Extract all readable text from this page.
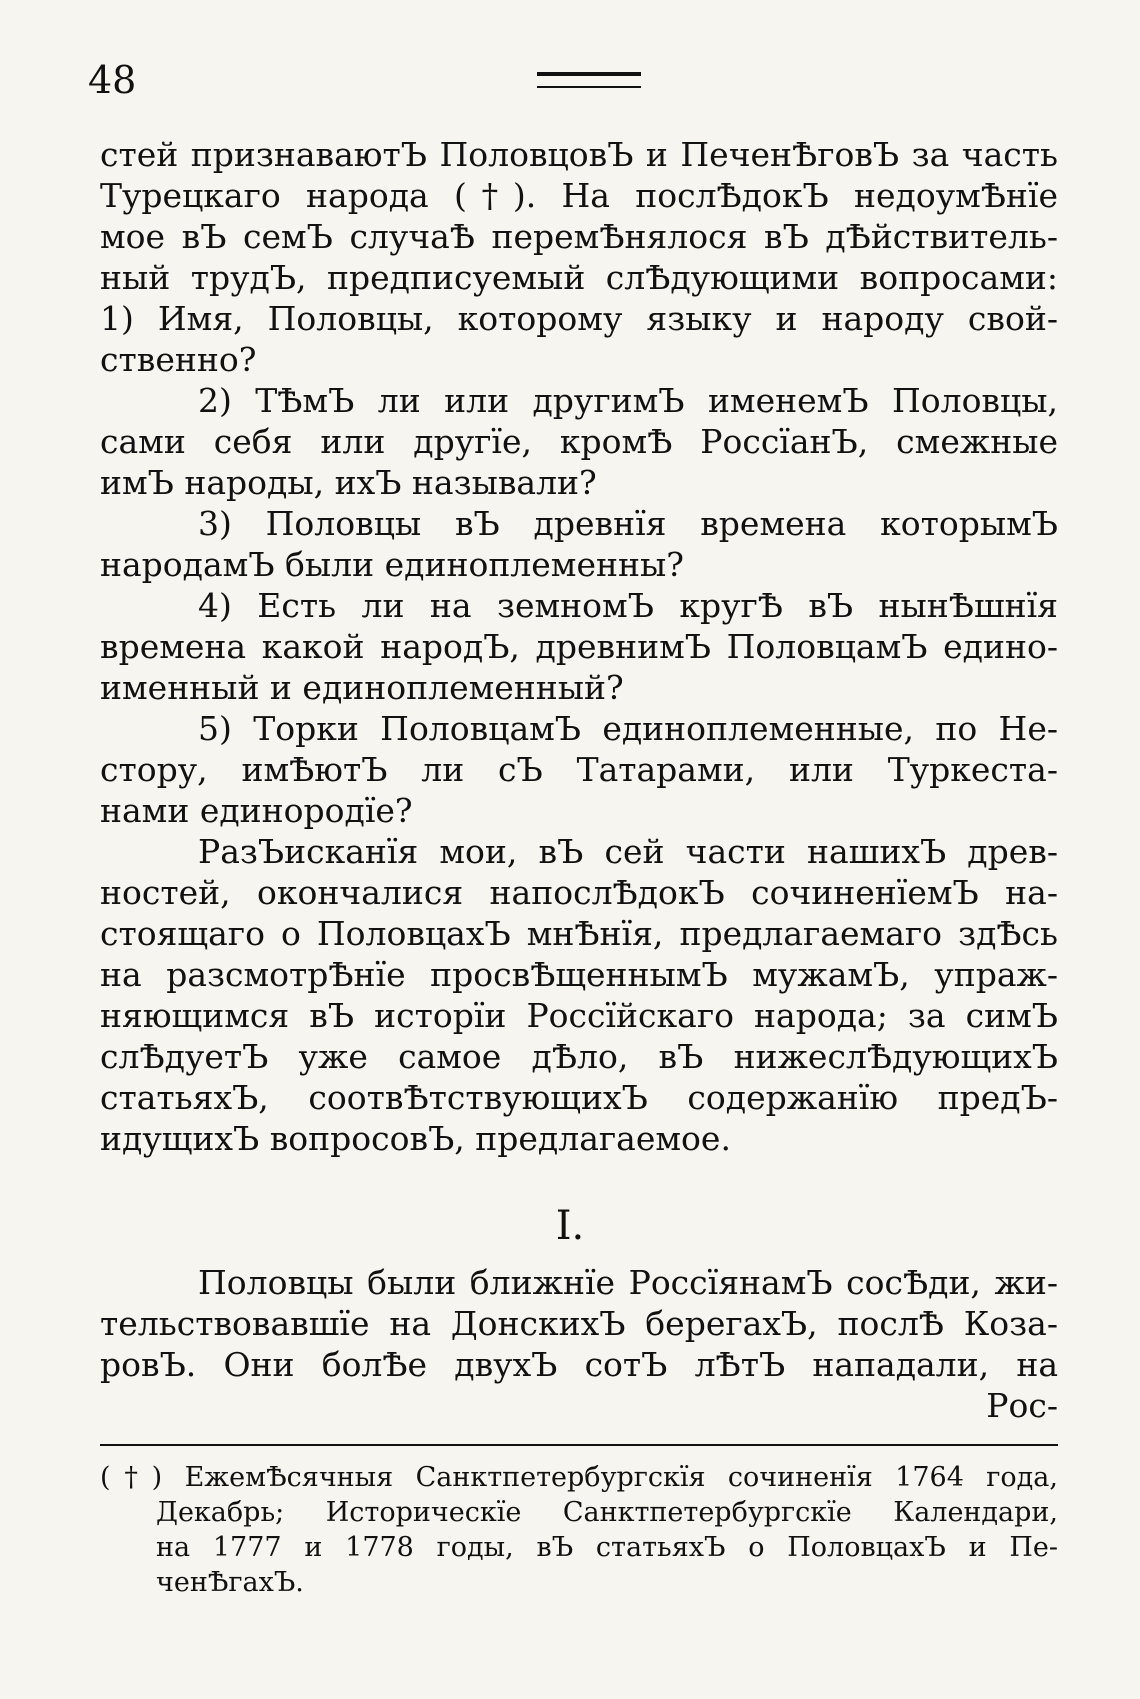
48
стей признаваютЪ ПоловцовЪ и ПеченѢговЪ за часть
Турецкаго народа (†). На послѢдокЪ недоумѢнїе
мое вЪ семЪ случаѢ перемѢнялося вЪ дѢйствитель-
ный трудЪ, предписуемый слѢдующими вопросами:
1) Имя, Половцы, которому языку и народу свой-
ственно?
2) ТѢмЪ ли или другимЪ именемЪ Половцы,
сами себя или другїе, кромѢ РоссїанЪ, смежные
имЪ народы, ихЪ называли?
3) Половцы вЪ древнїя времена которымЪ
народамЪ были единоплеменны?
4) Есть ли на земномЪ кругѢ вЪ нынѢшнїя
времена какой народЪ, древнимЪ ПоловцамЪ едино-
именный и единоплеменный?
5) Торки ПоловцамЪ единоплеменные, по Не-
стору, имѢютЪ ли сЪ Татарами, или Туркеста-
нами единородїе?
РазЪисканїя мои, вЪ сей части нашихЪ древ-
ностей, окончалися напослѢдокЪ сочиненїемЪ на-
стоящаго о ПоловцахЪ мнѢнїя, предлагаемаго здѢсь
на разсмотрѢнїе просвѢщеннымЪ мужамЪ, упраж-
няющимся вЪ исторїи Россїйскаго народа; за симЪ
слѢдуетЪ уже самое дѢло, вЪ нижеслѢдующихЪ
статьяхЪ, соотвѢтствующихЪ содержанїю предЪ-
идущихЪ вопросовЪ, предлагаемое.
I.
Половцы были ближнїе РоссїянамЪ сосѢди, жи-
тельствовавшїе на ДонскихЪ берегахЪ, послѢ Коза-
ровЪ. Они болѢе двухЪ сотЪ лѢтЪ нападали, на
Рос-
(†) ЕжемѢсячныя Санктпетербургскїя сочиненїя 1764 года,
Декабрь; Историческїе Санктпетербургскїе Календари,
на 1777 и 1778 годы, вЪ статьяхЪ о ПоловцахЪ и Пе-
ченѢгахЪ.
